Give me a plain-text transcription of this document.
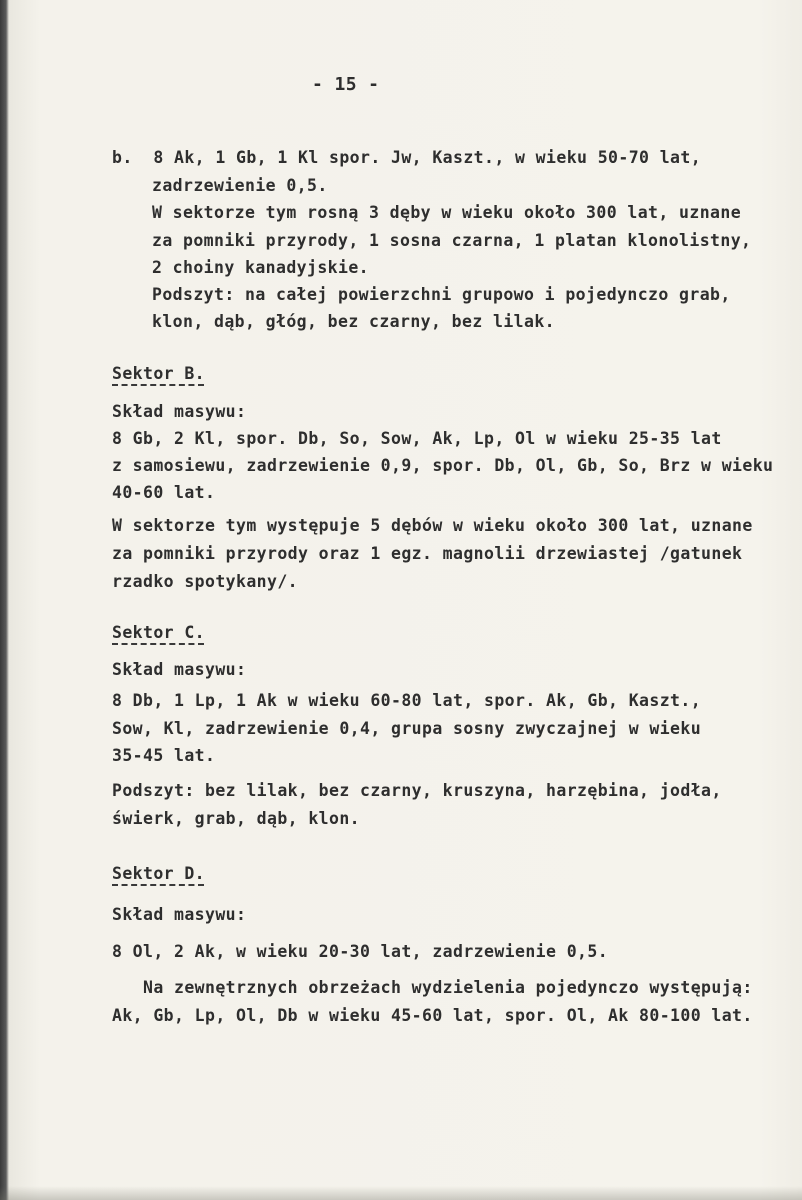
- 15 -
b.  8 Ak, 1 Gb, 1 Kl spor. Jw, Kaszt., w wieku 50-70 lat,
zadrzewienie 0,5.
W sektorze tym rosną 3 dęby w wieku około 300 lat, uznane
za pomniki przyrody, 1 sosna czarna, 1 platan klonolistny,
2 choiny kanadyjskie.
Podszyt: na całej powierzchni grupowo i pojedynczo grab,
klon, dąb, głóg, bez czarny, bez lilak.
Sektor B.
Skład masywu:
8 Gb, 2 Kl, spor. Db, So, Sow, Ak, Lp, Ol w wieku 25-35 lat
z samosiewu, zadrzewienie 0,9, spor. Db, Ol, Gb, So, Brz w wieku
40-60 lat.
W sektorze tym występuje 5 dębów w wieku około 300 lat, uznane
za pomniki przyrody oraz 1 egz. magnolii drzewiastej /gatunek
rzadko spotykany/.
Sektor C.
Skład masywu:
8 Db, 1 Lp, 1 Ak w wieku 60-80 lat, spor. Ak, Gb, Kaszt.,
Sow, Kl, zadrzewienie 0,4, grupa sosny zwyczajnej w wieku
35-45 lat.
Podszyt: bez lilak, bez czarny, kruszyna, harzębina, jodła,
świerk, grab, dąb, klon.
Sektor D.
Skład masywu:
8 Ol, 2 Ak, w wieku 20-30 lat, zadrzewienie 0,5.
Na zewnętrznych obrzeżach wydzielenia pojedynczo występują:
Ak, Gb, Lp, Ol, Db w wieku 45-60 lat, spor. Ol, Ak 80-100 lat.
